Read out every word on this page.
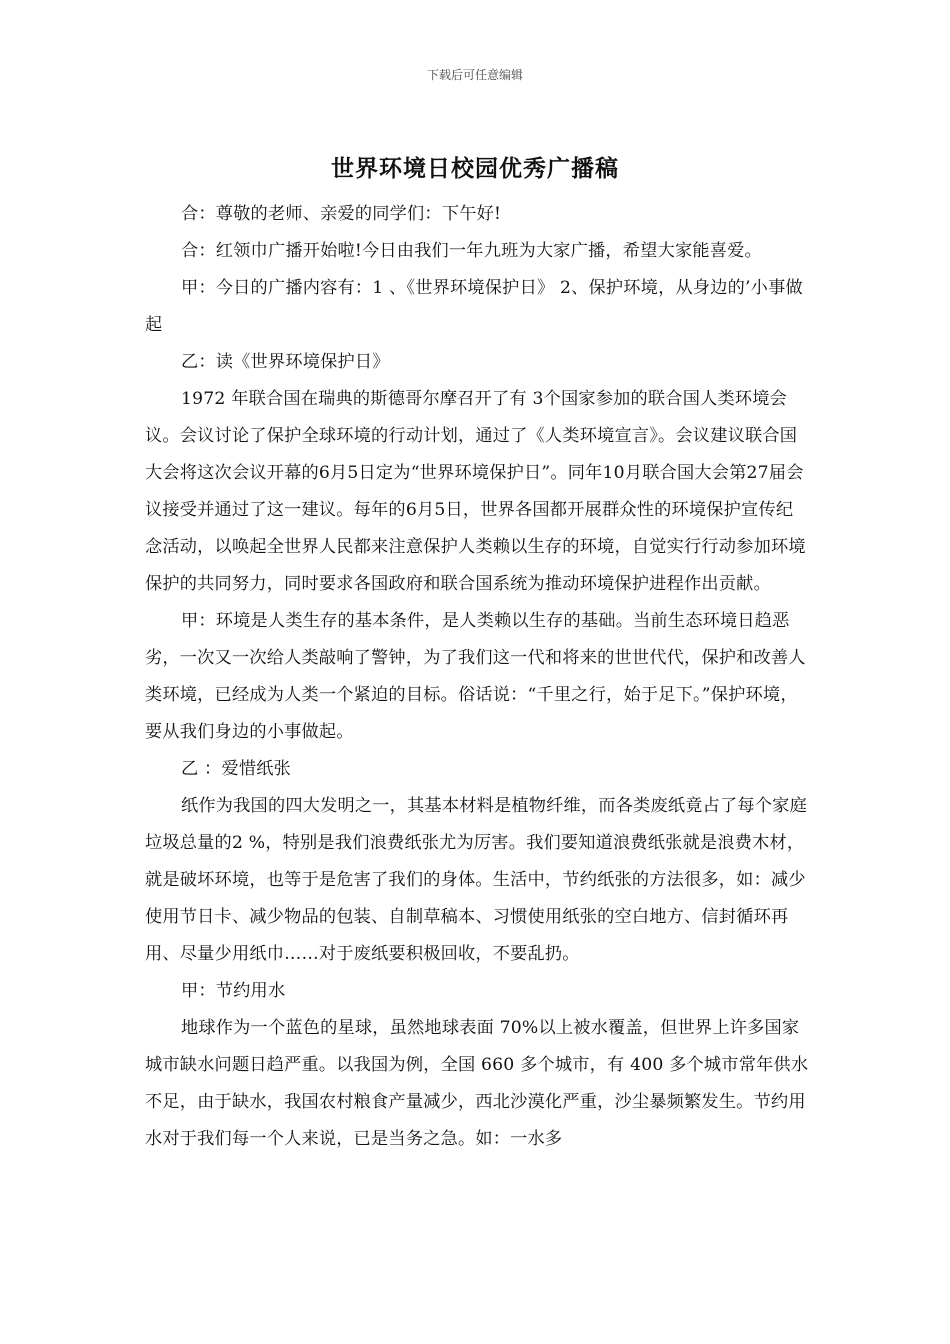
下载后可任意编辑
世界环境日校园优秀广播稿

合：尊敬的老师、亲爱的同学们：下午好!

合：红领巾广播开始啦!今日由我们一年九班为大家广播，希望大家能喜爱。

甲：今日的广播内容有：1 、《世界环境保护日》 2、保护环境，从身边的’小事做起

乙：读《世界环境保护日》

1972 年联合国在瑞典的斯德哥尔摩召开了有 3个国家参加的联合国人类环境会议。会议讨论了保护全球环境的行动计划，通过了《人类环境宣言》。会议建议联合国大会将这次会议开幕的6月5日定为“世界环境保护日”。同年10月联合国大会第27届会议接受并通过了这一建议。每年的6月5日，世界各国都开展群众性的环境保护宣传纪念活动，以唤起全世界人民都来注意保护人类赖以生存的环境，自觉实行行动参加环境保护的共同努力，同时要求各国政府和联合国系统为推动环境保护进程作出贡献。

甲：环境是人类生存的基本条件，是人类赖以生存的基础。当前生态环境日趋恶劣，一次又一次给人类敲响了警钟，为了我们这一代和将来的世世代代，保护和改善人类环境，已经成为人类一个紧迫的目标。俗话说：“千里之行，始于足下。”保护环境，要从我们身边的小事做起。

乙 ：爱惜纸张

纸作为我国的四大发明之一，其基本材料是植物纤维，而各类废纸竟占了每个家庭垃圾总量的2 %，特别是我们浪费纸张尤为厉害。我们要知道浪费纸张就是浪费木材，就是破坏环境，也等于是危害了我们的身体。生活中，节约纸张的方法很多，如：减少使用节日卡、减少物品的包装、自制草稿本、习惯使用纸张的空白地方、信封循环再用、尽量少用纸巾……对于废纸要积极回收，不要乱扔。

甲：节约用水

地球作为一个蓝色的星球，虽然地球表面 70%以上被水覆盖，但世界上许多国家城市缺水问题日趋严重。以我国为例，全国 660 多个城市，有 400 多个城市常年供水不足，由于缺水，我国农村粮食产量减少，西北沙漠化严重，沙尘暴频繁发生。节约用水对于我们每一个人来说，已是当务之急。如：一水多
